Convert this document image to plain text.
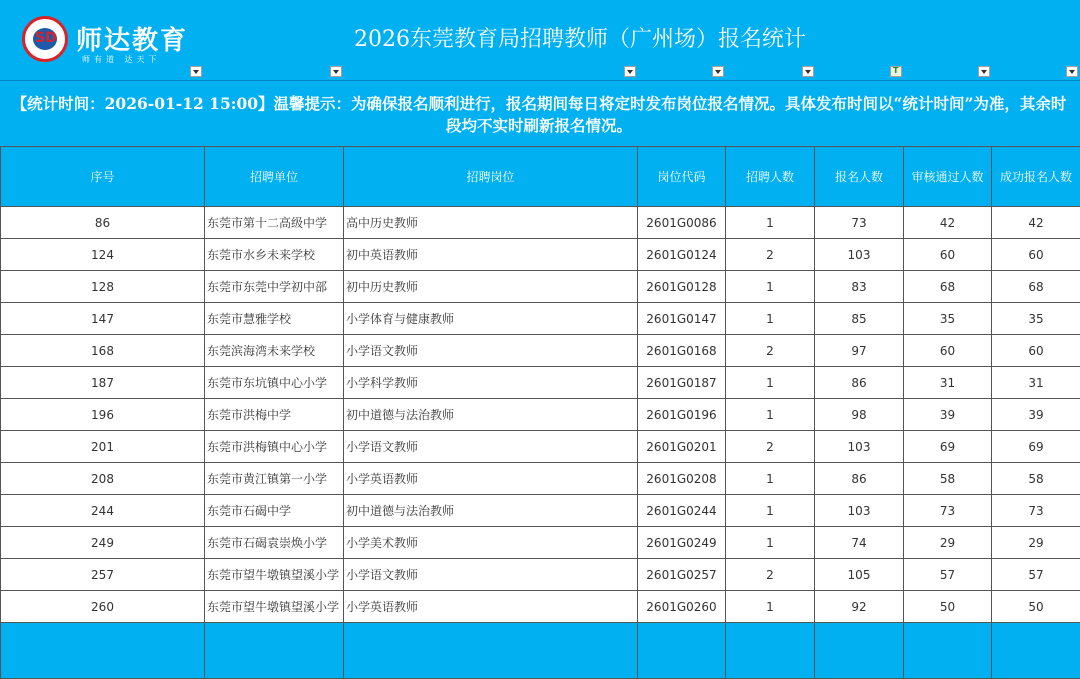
SD 师达教育
师有道 达天下
2026东莞教育局招聘教师（广州场）报名统计
T
【统计时间：2026-01-12 15:00】温馨提示：为确保报名顺利进行，报名期间每日将定时发布岗位报名情况。具体发布时间以“统计时间”为准，其余时段均不实时刷新报名情况。
序号	招聘单位	招聘岗位	岗位代码	招聘人数	报名人数	审核通过人数	成功报名人数
86	东莞市第十二高级中学	高中历史教师	2601G0086	1	73	42	42
124	东莞市水乡未来学校	初中英语教师	2601G0124	2	103	60	60
128	东莞市东莞中学初中部	初中历史教师	2601G0128	1	83	68	68
147	东莞市慧雅学校	小学体育与健康教师	2601G0147	1	85	35	35
168	东莞滨海湾未来学校	小学语文教师	2601G0168	2	97	60	60
187	东莞市东坑镇中心小学	小学科学教师	2601G0187	1	86	31	31
196	东莞市洪梅中学	初中道德与法治教师	2601G0196	1	98	39	39
201	东莞市洪梅镇中心小学	小学语文教师	2601G0201	2	103	69	69
208	东莞市黄江镇第一小学	小学英语教师	2601G0208	1	86	58	58
244	东莞市石碣中学	初中道德与法治教师	2601G0244	1	103	73	73
249	东莞市石碣袁崇焕小学	小学美术教师	2601G0249	1	74	29	29
257	东莞市望牛墩镇望溪小学	小学语文教师	2601G0257	2	105	57	57
260	东莞市望牛墩镇望溪小学	小学英语教师	2601G0260	1	92	50	50
